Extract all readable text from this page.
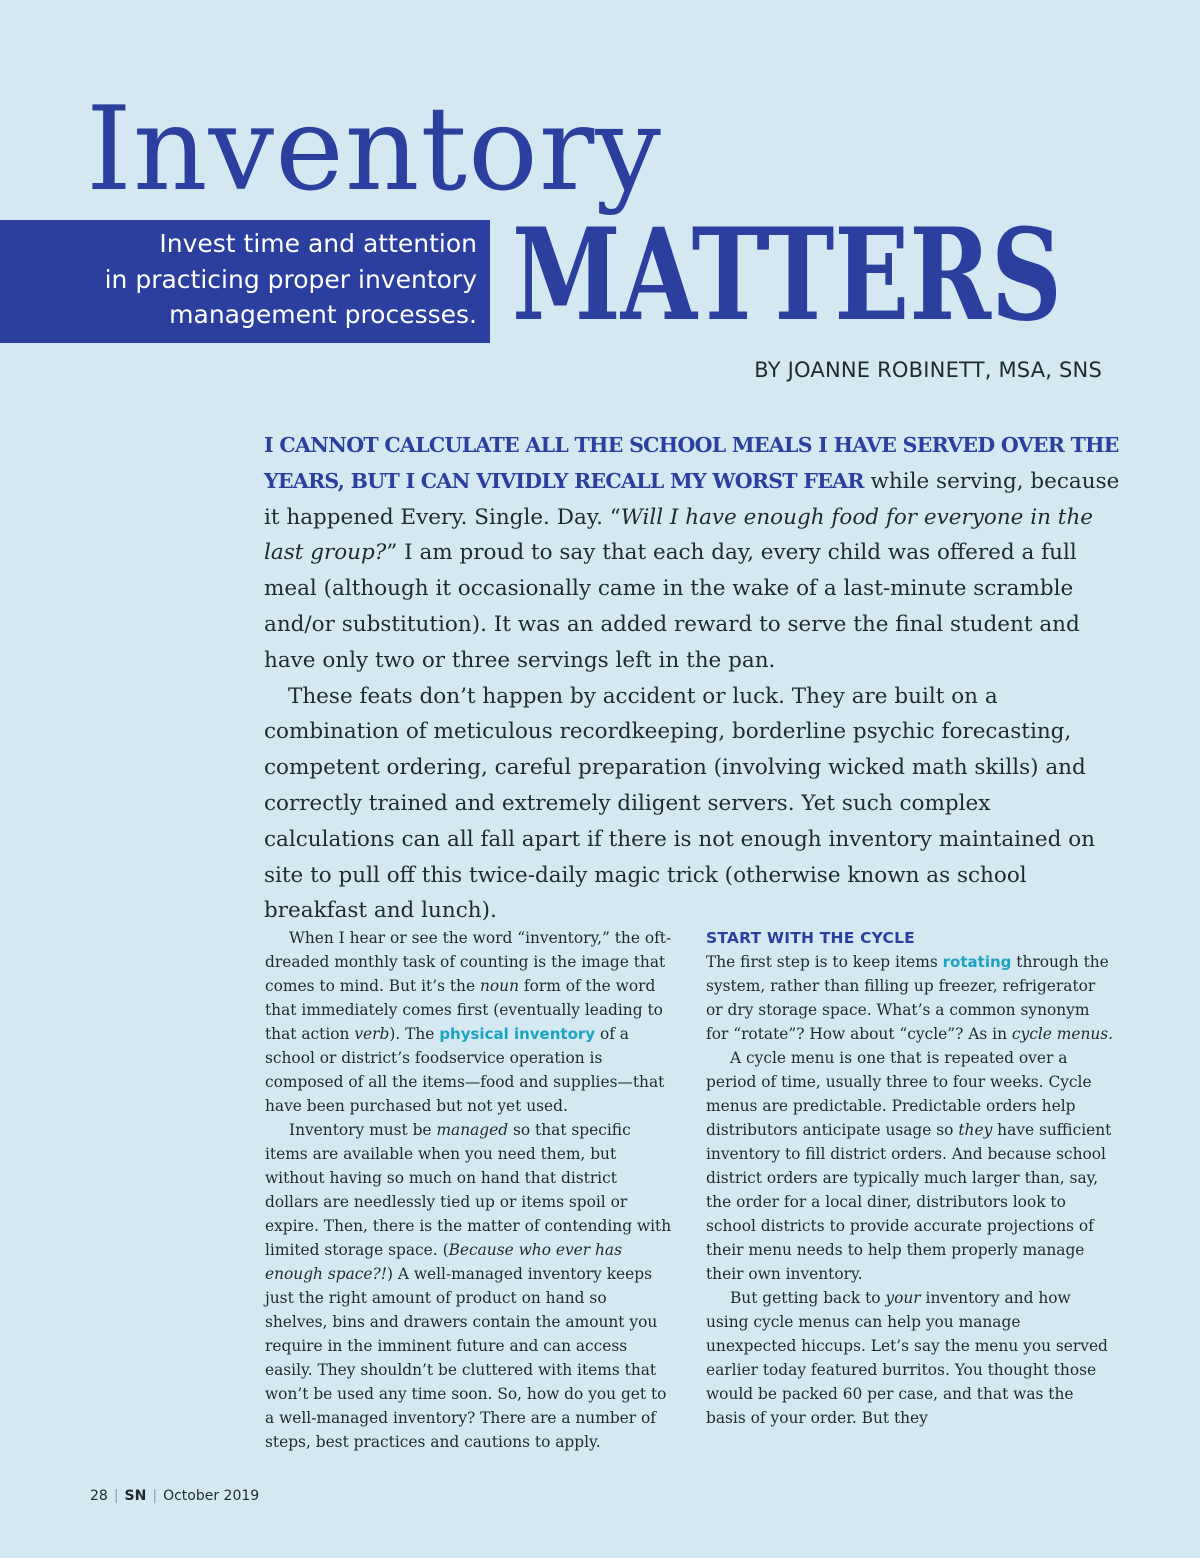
Inventory
Invest time and attention
in practicing proper inventory
management processes. MATTERS
BY JOANNE ROBINETT, MSA, SNS

I CANNOT CALCULATE ALL THE SCHOOL MEALS I HAVE SERVED OVER THE YEARS, BUT I CAN VIVIDLY RECALL MY WORST FEAR while serving, because it happened Every. Single. Day. “Will I have enough food for everyone in the last group?” I am proud to say that each day, every child was offered a full meal (although it occasionally came in the wake of a last-minute scramble and/or substitution). It was an added reward to serve the final student and have only two or three servings left in the pan.

These feats don’t happen by accident or luck. They are built on a combination of meticulous recordkeeping, borderline psychic forecasting, competent ordering, careful preparation (involving wicked math skills) and correctly trained and extremely diligent servers. Yet such complex calculations can all fall apart if there is not enough inventory maintained on site to pull off this twice-daily magic trick (otherwise known as school breakfast and lunch).

When I hear or see the word “inventory,” the oft-dreaded monthly task of counting is the image that comes to mind. But it’s the noun form of the word that immediately comes first (eventually leading to that action verb). The physical inventory of a school or district’s foodservice operation is composed of all the items—food and supplies—that have been purchased but not yet used.

Inventory must be managed so that specific items are available when you need them, but without having so much on hand that district dollars are needlessly tied up or items spoil or expire. Then, there is the matter of contending with limited storage space. (Because who ever has enough space?!) A well-managed inventory keeps just the right amount of product on hand so shelves, bins and drawers contain the amount you require in the imminent future and can access easily. They shouldn’t be cluttered with items that won’t be used any time soon. So, how do you get to a well-managed inventory? There are a number of steps, best practices and cautions to apply.

START WITH THE CYCLE

The first step is to keep items rotating through the system, rather than filling up freezer, refrigerator or dry storage space. What’s a common synonym for “rotate”? How about “cycle”? As in cycle menus.

A cycle menu is one that is repeated over a period of time, usually three to four weeks. Cycle menus are predictable. Predictable orders help distributors anticipate usage so they have sufficient inventory to fill district orders. And because school district orders are typically much larger than, say, the order for a local diner, distributors look to school districts to provide accurate projections of their menu needs to help them properly manage their own inventory.

But getting back to your inventory and how using cycle menus can help you manage unexpected hiccups. Let’s say the menu you served earlier today featured burritos. You thought those would be packed 60 per case, and that was the basis of your order. But they

28 | SN | October 2019
